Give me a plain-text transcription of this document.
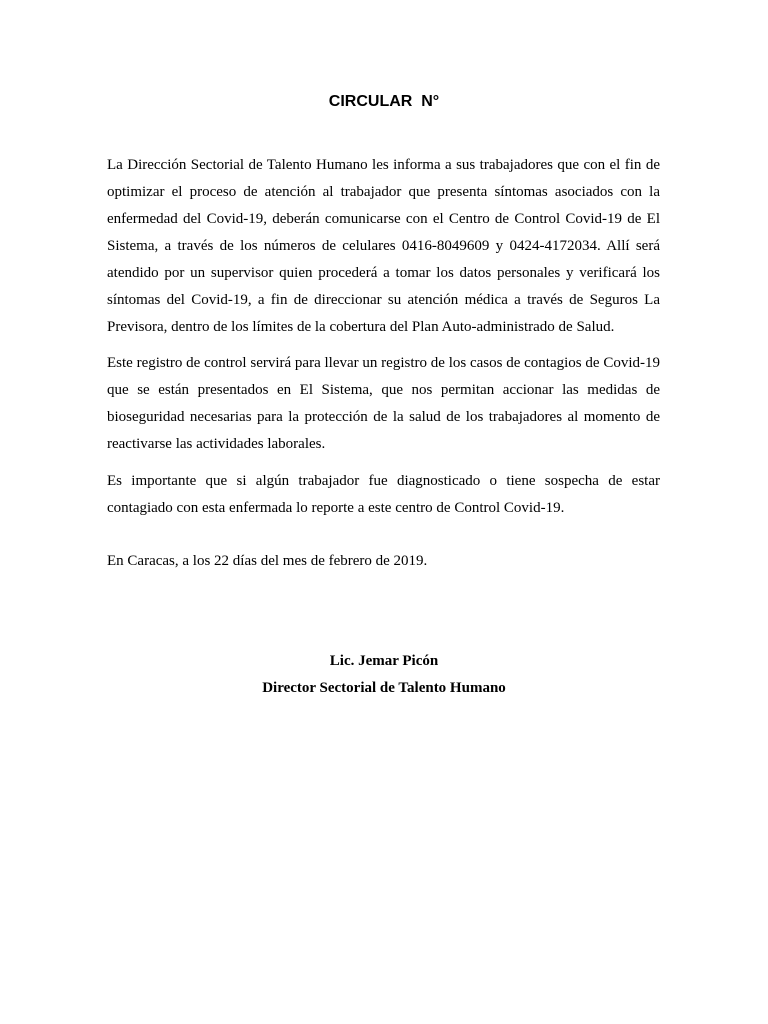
CIRCULAR  N°

La Dirección Sectorial de Talento Humano les informa a sus trabajadores que con el fin de optimizar el proceso de atención al trabajador que presenta síntomas asociados con la enfermedad del Covid-19, deberán comunicarse con el Centro de Control Covid-19 de El Sistema, a través de los números de celulares 0416-8049609 y 0424-4172034. Allí será atendido por un supervisor quien procederá a tomar los datos personales y verificará los síntomas del Covid-19, a fin de direccionar su atención médica a través de Seguros La Previsora, dentro de los límites de la cobertura del Plan Auto-administrado de Salud.

Este registro de control servirá para llevar un registro de los casos de contagios de Covid-19 que se están presentados en El Sistema, que nos permitan accionar las medidas de bioseguridad necesarias para la protección de la salud de los trabajadores al momento de reactivarse las actividades laborales.

Es importante que si algún trabajador fue diagnosticado o tiene sospecha de estar contagiado con esta enfermada lo reporte a este centro de Control Covid-19.

En Caracas, a los 22 días del mes de febrero de 2019.

Lic. Jemar Picón
Director Sectorial de Talento Humano
